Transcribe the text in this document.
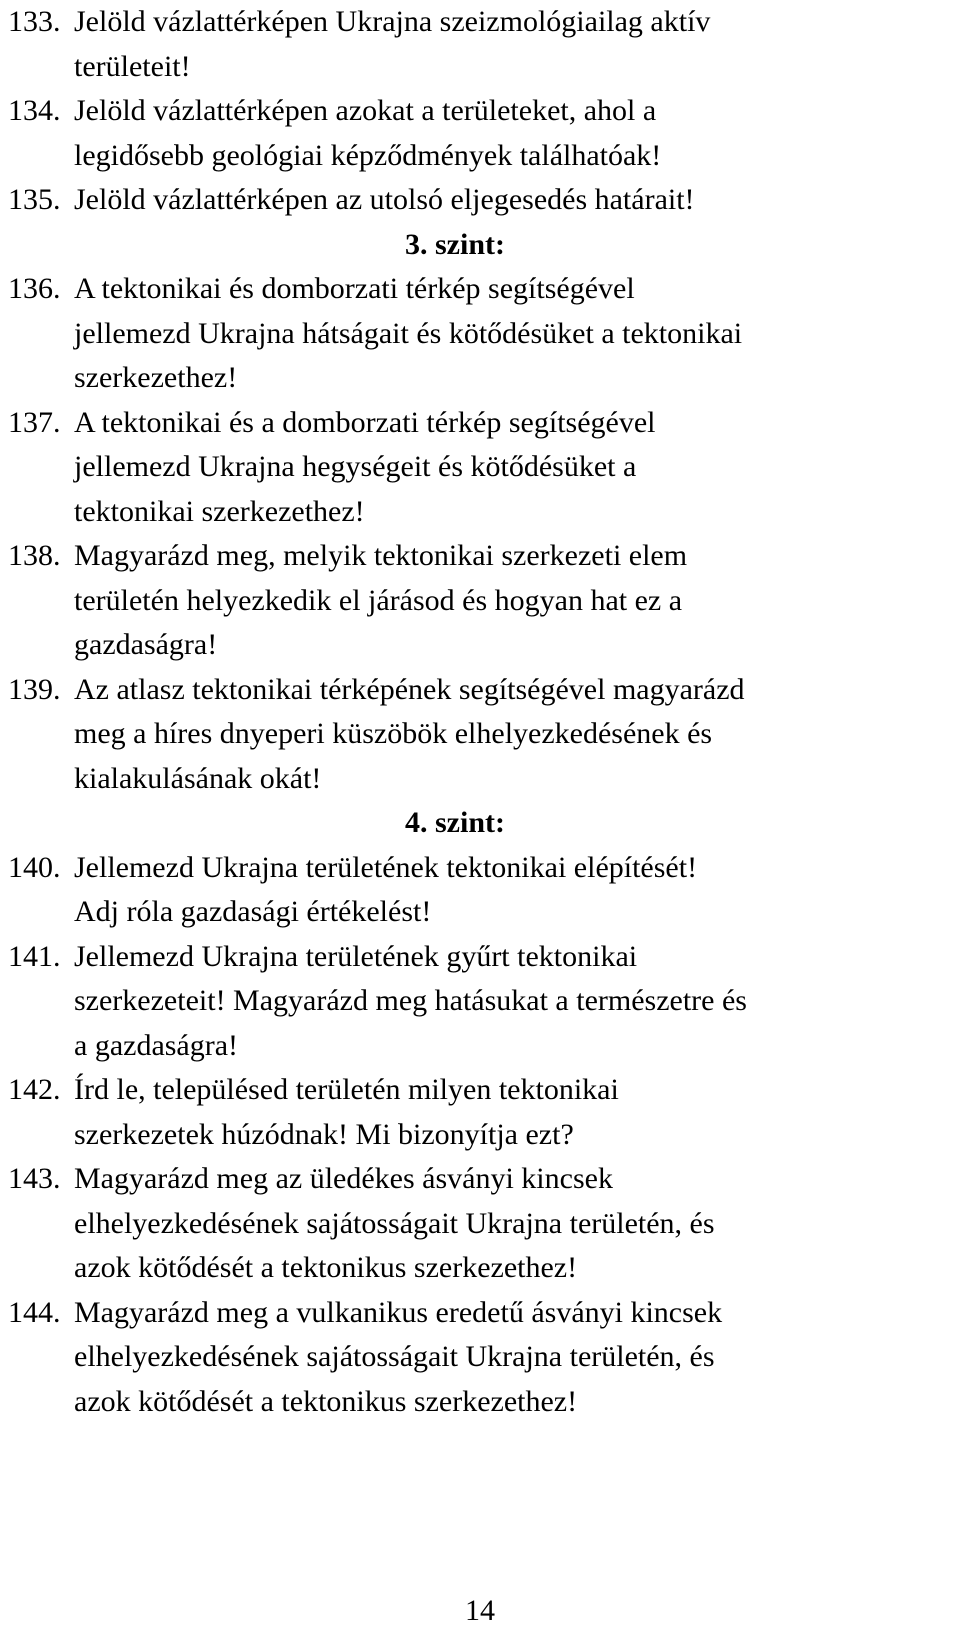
133. Jelöld vázlattérképen Ukrajna szeizmológiailag aktív
területeit!
134. Jelöld vázlattérképen azokat a területeket, ahol a
legidősebb geológiai képződmények találhatóak!
135. Jelöld vázlattérképen az utolsó eljegesedés határait!
3. szint:
136. A tektonikai és domborzati térkép segítségével
jellemezd Ukrajna hátságait és kötődésüket a tektonikai
szerkezethez!
137. A tektonikai és a domborzati térkép segítségével
jellemezd Ukrajna hegységeit és kötődésüket a
tektonikai szerkezethez!
138. Magyarázd meg, melyik tektonikai szerkezeti elem
területén helyezkedik el járásod és hogyan hat ez a
gazdaságra!
139. Az atlasz tektonikai térképének segítségével magyarázd
meg a híres dnyeperi küszöbök elhelyezkedésének és
kialakulásának okát!
4. szint:
140. Jellemezd Ukrajna területének tektonikai elépítését!
Adj róla gazdasági értékelést!
141. Jellemezd Ukrajna területének gyűrt tektonikai
szerkezeteit! Magyarázd meg hatásukat a természetre és
a gazdaságra!
142. Írd le, településed területén milyen tektonikai
szerkezetek húzódnak! Mi bizonyítja ezt?
143. Magyarázd meg az üledékes ásványi kincsek
elhelyezkedésének sajátosságait Ukrajna területén, és
azok kötődését a tektonikus szerkezethez!
144. Magyarázd meg a vulkanikus eredetű ásványi kincsek
elhelyezkedésének sajátosságait Ukrajna területén, és
azok kötődését a tektonikus szerkezethez!
14
